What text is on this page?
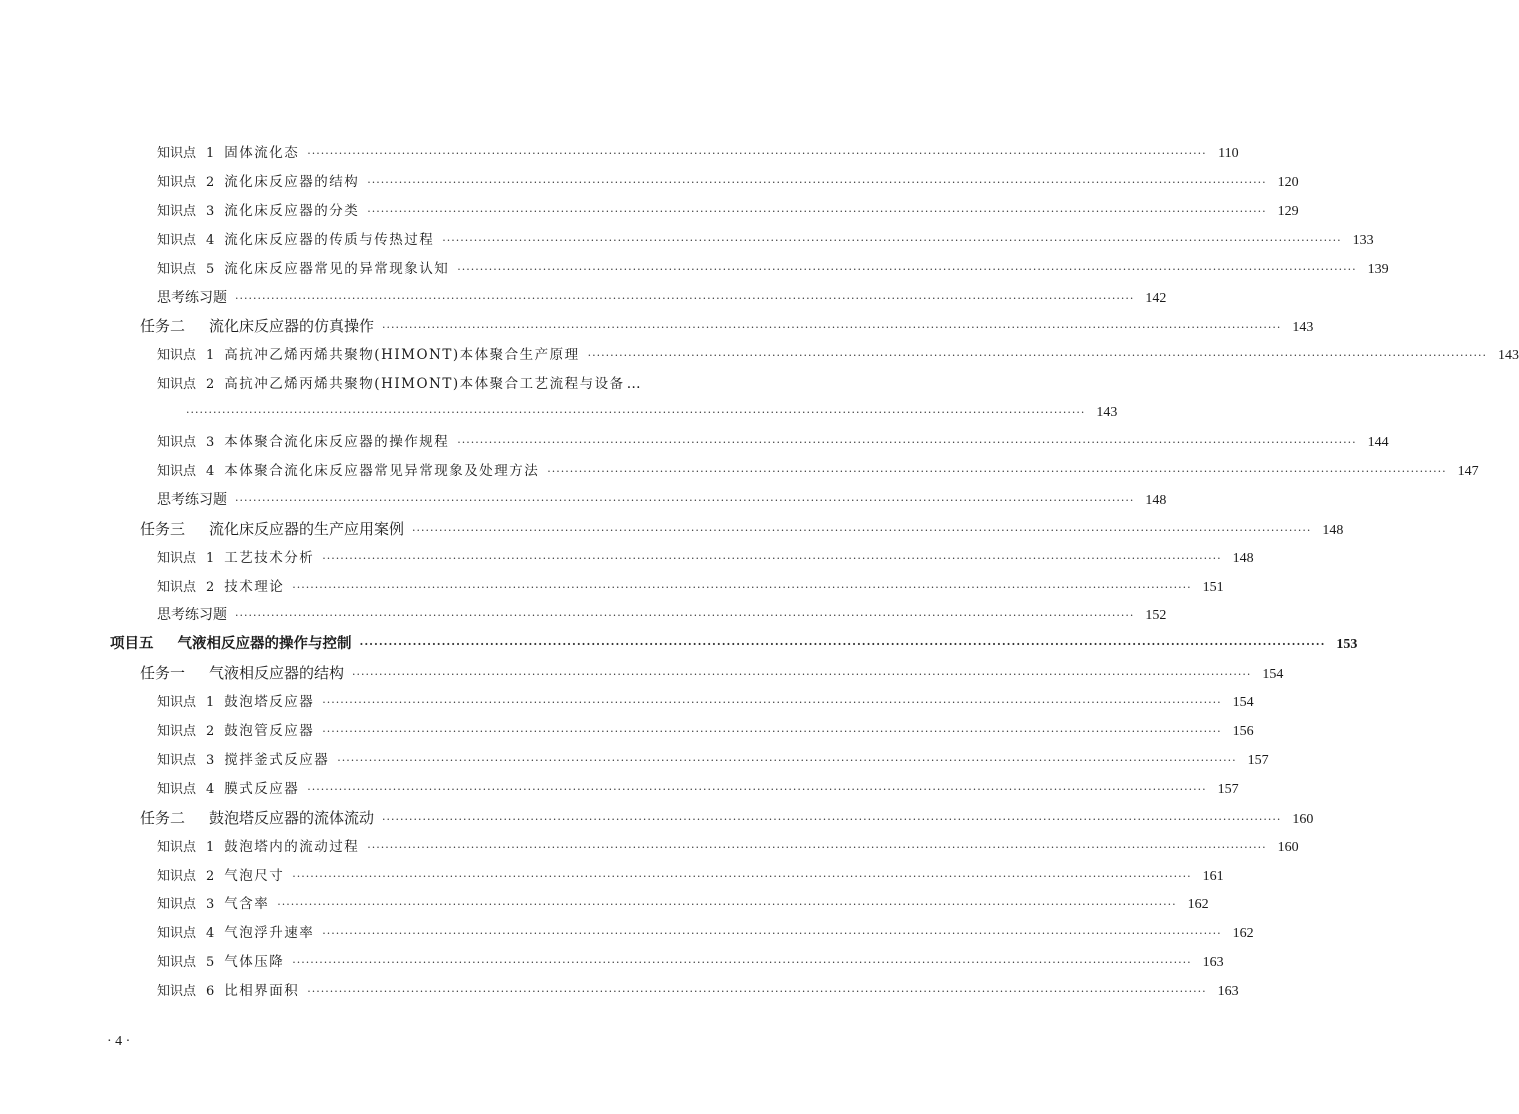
知识点 1 固体流化态 ········································································································································································································ 110
知识点 2 流化床反应器的结构 ········································································································································································································ 120
知识点 3 流化床反应器的分类 ········································································································································································································ 129
知识点 4 流化床反应器的传质与传热过程 ········································································································································································································ 133
知识点 5 流化床反应器常见的异常现象认知 ········································································································································································································ 139
思考练习题 ········································································································································································································ 142
任务二	流化床反应器的仿真操作 ········································································································································································································ 143
知识点 1 高抗冲乙烯丙烯共聚物(HIMONT)本体聚合生产原理 ········································································································································································································ 143
知识点 2 高抗冲乙烯丙烯共聚物(HIMONT)本体聚合工艺流程与设备 …
········································································································································································································ 143
知识点 3 本体聚合流化床反应器的操作规程 ········································································································································································································ 144
知识点 4 本体聚合流化床反应器常见异常现象及处理方法 ········································································································································································································ 147
思考练习题 ········································································································································································································ 148
任务三	流化床反应器的生产应用案例 ········································································································································································································ 148
知识点 1 工艺技术分析 ········································································································································································································ 148
知识点 2 技术理论 ········································································································································································································ 151
思考练习题 ········································································································································································································ 152
项目五	气液相反应器的操作与控制 ········································································································································································································ 153
任务一	气液相反应器的结构 ········································································································································································································ 154
知识点 1 鼓泡塔反应器 ········································································································································································································ 154
知识点 2 鼓泡管反应器 ········································································································································································································ 156
知识点 3 搅拌釜式反应器 ········································································································································································································ 157
知识点 4 膜式反应器 ········································································································································································································ 157
任务二	鼓泡塔反应器的流体流动 ········································································································································································································ 160
知识点 1 鼓泡塔内的流动过程 ········································································································································································································ 160
知识点 2 气泡尺寸 ········································································································································································································ 161
知识点 3 气含率 ········································································································································································································ 162
知识点 4 气泡浮升速率 ········································································································································································································ 162
知识点 5 气体压降 ········································································································································································································ 163
知识点 6 比相界面积 ········································································································································································································ 163
· 4 ·
